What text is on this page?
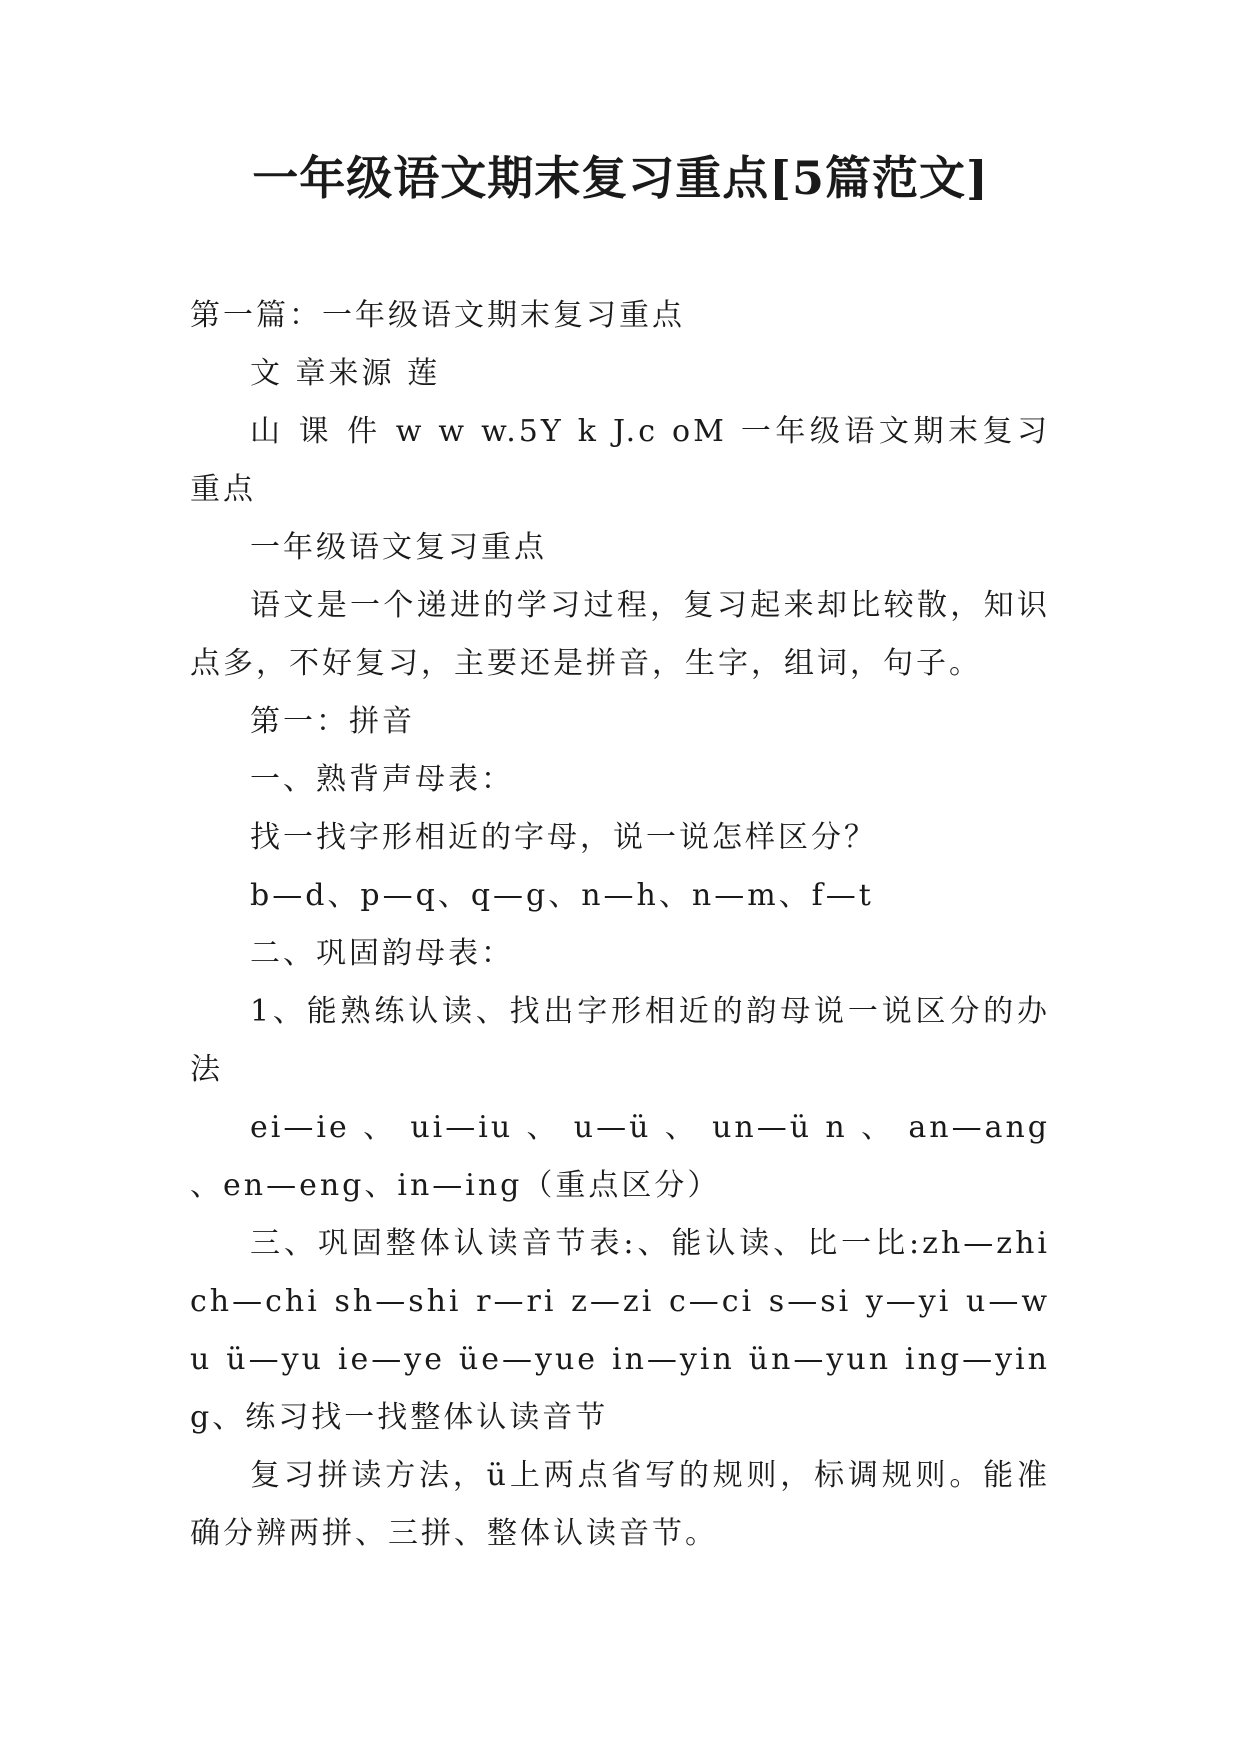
一年级语文期末复习重点[5篇范文]

第一篇：一年级语文期末复习重点

文 章来源 莲

山 课 件 w w w.5Y k J.c oM 一年级语文期末复习重点

一年级语文复习重点

语文是一个递进的学习过程，复习起来却比较散，知识点多，不好复习，主要还是拼音，生字，组词，句子。

第一：拼音

一、熟背声母表：

找一找字形相近的字母，说一说怎样区分？

b—d、p—q、q—g、n—h、n—m、f—t

二、巩固韵母表：

1、能熟练认读、找出字形相近的韵母说一说区分的办法

ei—ie 、 ui—iu 、 u—ü 、 un—ü n 、 an—ang 、en—eng、in—ing（重点区分）

三、巩固整体认读音节表:、能认读、比一比:zh—zhi ch—chi sh—shi r—ri z—zi c—ci s—si y—yi u—wu ü—yu ie—ye üe—yue in—yin ün—yun ing—ying、练习找一找整体认读音节

复习拼读方法，ü上两点省写的规则，标调规则。能准确分辨两拼、三拼、整体认读音节。
